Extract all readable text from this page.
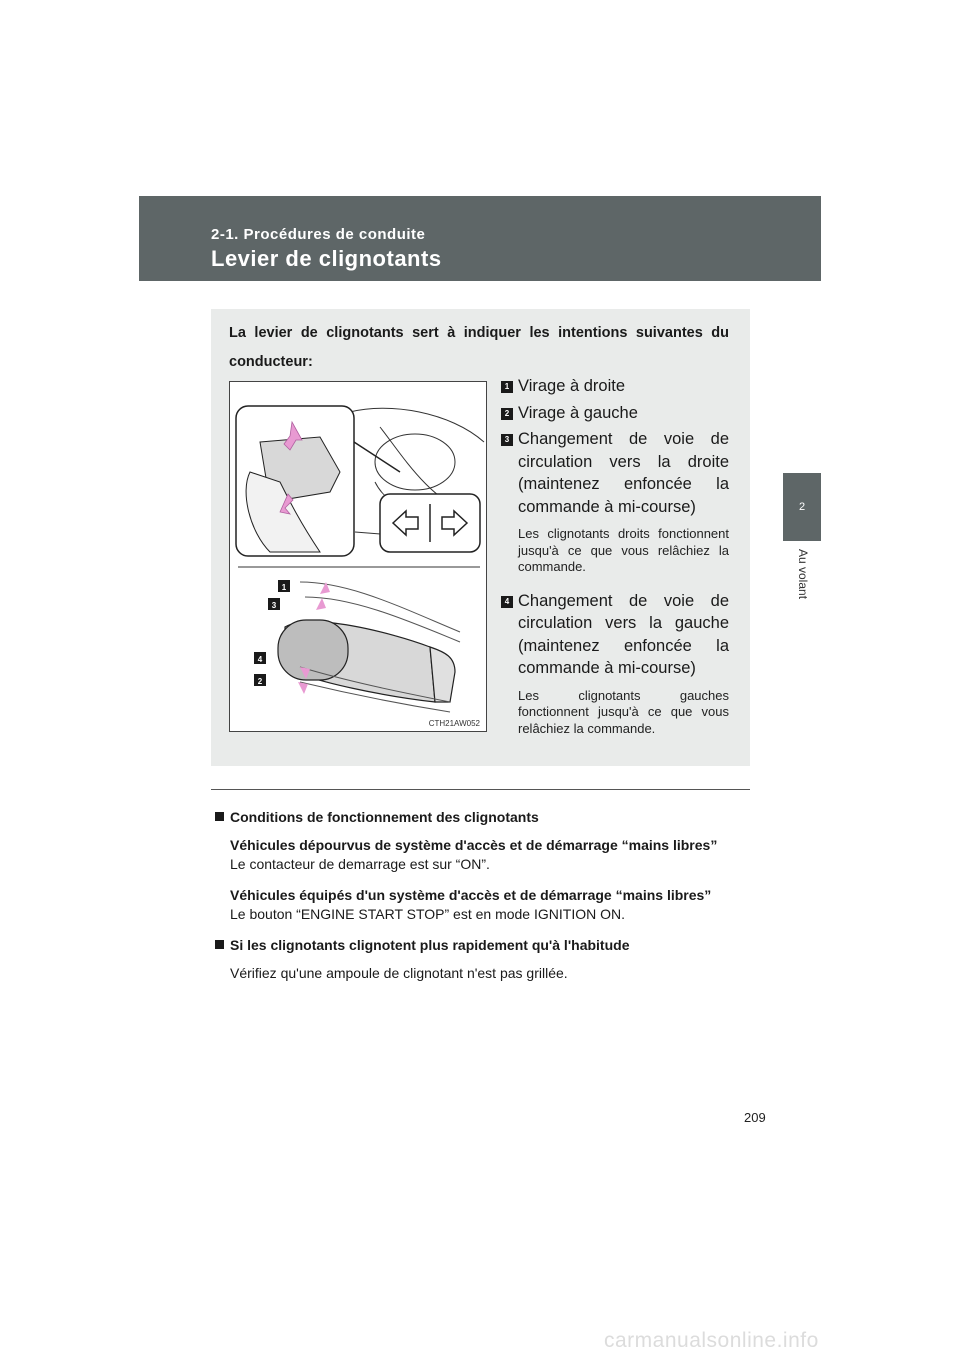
2-1. Procédures de conduite
Levier de clignotants
2
Au volant

La levier de clignotants sert à indiquer les intentions suivantes du conducteur:

1
3
4
2
CTH21AW052
1 Virage à droite
2 Virage à gauche
3 Changement de voie de circulation vers la droite (maintenez enfoncée la commande à mi-course)
Les clignotants droits fonctionnent jusqu'à ce que vous relâchiez la commande.
4 Changement de voie de circulation vers la gauche (maintenez enfoncée la commande à mi-course)
Les clignotants gauches fonctionnent jusqu'à ce que vous relâchiez la commande.

Conditions de fonctionnement des clignotants

Véhicules dépourvus de système d'accès et de démarrage “mains libres”
Le contacteur de demarrage est sur “ON”.
Véhicules équipés d'un système d'accès et de démarrage “mains libres”
Le bouton “ENGINE START STOP” est en mode IGNITION ON.

Si les clignotants clignotent plus rapidement qu'à l'habitude

Vérifiez qu'une ampoule de clignotant n'est pas grillée.
209
carmanualsonline.info
